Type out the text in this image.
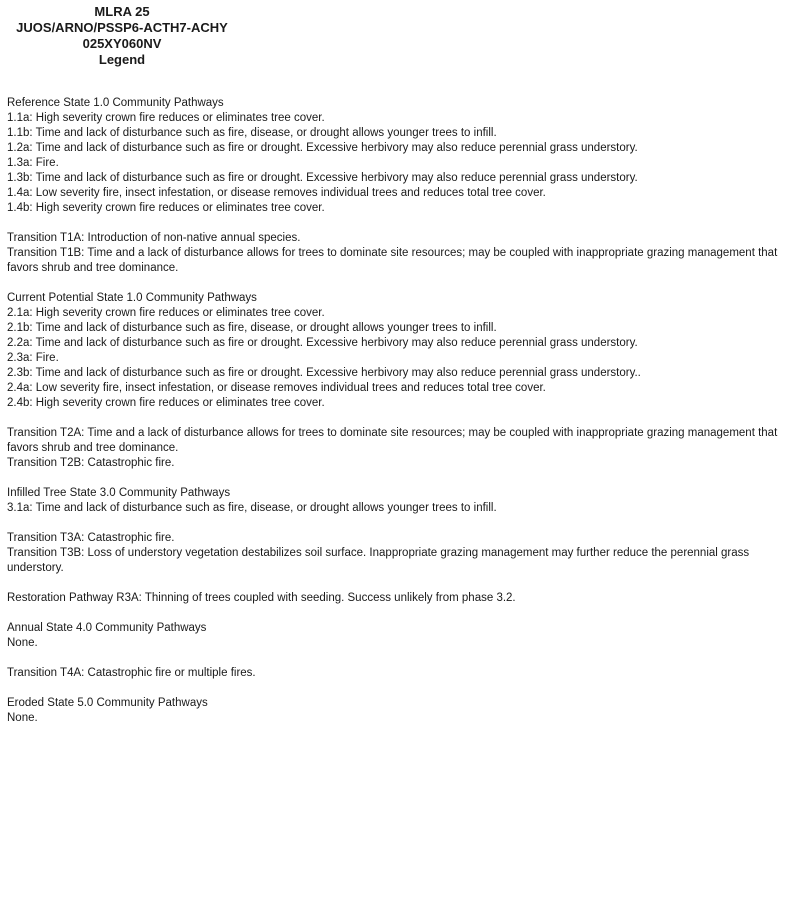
MLRA 25
JUOS/ARNO/PSSP6-ACTH7-ACHY
025XY060NV
Legend
Reference State 1.0 Community Pathways
1.1a: High severity crown fire reduces or eliminates tree cover.
1.1b: Time and lack of disturbance such as fire, disease, or drought allows younger trees to infill.
1.2a: Time and lack of disturbance such as fire or drought. Excessive herbivory may also reduce perennial grass understory.
1.3a: Fire.
1.3b: Time and lack of disturbance such as fire or drought. Excessive herbivory may also reduce perennial grass understory.
1.4a: Low severity fire, insect infestation, or disease removes individual trees and reduces total tree cover.
1.4b: High severity crown fire reduces or eliminates tree cover.
Transition T1A: Introduction of non-native annual species.
Transition T1B: Time and a lack of disturbance allows for trees to dominate site resources; may be coupled with inappropriate grazing management that favors shrub and tree dominance.
Current Potential State 1.0 Community Pathways
2.1a: High severity crown fire reduces or eliminates tree cover.
2.1b: Time and lack of disturbance such as fire, disease, or drought allows younger trees to infill.
2.2a: Time and lack of disturbance such as fire or drought. Excessive herbivory may also reduce perennial grass understory.
2.3a: Fire.
2.3b: Time and lack of disturbance such as fire or drought. Excessive herbivory may also reduce perennial grass understory..
2.4a: Low severity fire, insect infestation, or disease removes individual trees and reduces total tree cover.
2.4b: High severity crown fire reduces or eliminates tree cover.
Transition T2A: Time and a lack of disturbance allows for trees to dominate site resources; may be coupled with inappropriate grazing management that favors shrub and tree dominance.
Transition T2B: Catastrophic fire.
Infilled Tree State 3.0 Community Pathways
3.1a: Time and lack of disturbance such as fire, disease, or drought allows younger trees to infill.
Transition T3A: Catastrophic fire.
Transition T3B: Loss of understory vegetation destabilizes soil surface. Inappropriate grazing management may further reduce the perennial grass understory.
Restoration Pathway R3A: Thinning of trees coupled with seeding. Success unlikely from phase 3.2.
Annual State 4.0 Community Pathways
None.
Transition T4A: Catastrophic fire or multiple fires.
Eroded State 5.0 Community Pathways
None.
